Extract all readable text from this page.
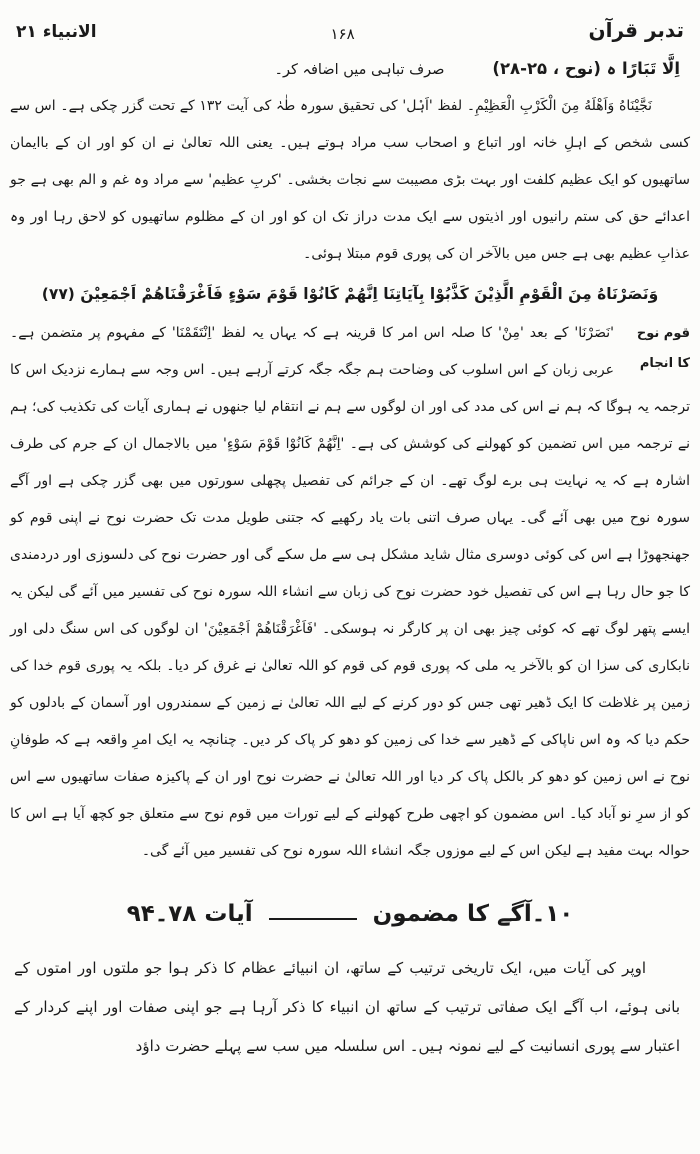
تدبر قرآن
۱۶۸
الانبیاء ۲۱
اِلَّا تَبَارًا ہ (نوح ، ۲۵-۲۸)
صرف تباہی میں اضافہ کر۔

نَجَّيْنَاهُ وَاَهْلَهُ مِنَ الْكَرْبِ الْعَظِيْمِ۔ لفظ 'اَہْل' کی تحقیق سورہ طٰہٰ کی آیت ۱۳۲ کے تحت گزر چکی ہے۔ اس سے کسی شخص کے اہلِ خانہ اور اتباع و اصحاب سب مراد ہوتے ہیں۔ یعنی اللہ تعالیٰ نے ان کو اور ان کے باایمان ساتھیوں کو ایک عظیم کلفت اور بہت بڑی مصیبت سے نجات بخشی۔ 'کربِ عظیم' سے مراد وہ غم و الم بھی ہے جو اعدائے حق کی ستم رانیوں اور اذیتوں سے ایک مدت دراز تک ان کو اور ان کے مظلوم ساتھیوں کو لاحق رہا اور وہ عذابِ عظیم بھی ہے جس میں بالآخر ان کی پوری قوم مبتلا ہوئی۔

وَنَصَرْنَاهُ مِنَ الْقَوْمِ الَّذِيْنَ كَذَّبُوْا بِآيَاتِنَا اِنَّهُمْ كَانُوْا قَوْمَ سَوْءٍ فَاَغْرَقْنَاهُمْ اَجْمَعِيْنَ (۷۷)

قوم نوح کا انجام

'نَصَرْنَا' کے بعد 'مِنْ' کا صلہ اس امر کا قرینہ ہے کہ یہاں یہ لفظ 'اِنْتَقَمْنَا' کے مفہوم پر متضمن ہے۔ عربی زبان کے اس اسلوب کی وضاحت ہم جگہ جگہ کرتے آرہے ہیں۔ اس وجہ سے ہمارے نزدیک اس کا ترجمہ یہ ہوگا کہ ہم نے اس کی مدد کی اور ان لوگوں سے ہم نے انتقام لیا جنھوں نے ہماری آیات کی تکذیب کی؛ ہم نے ترجمہ میں اس تضمین کو کھولنے کی کوشش کی ہے۔ 'اِنَّهُمْ كَانُوْا قَوْمَ سَوْءٍ' میں بالاجمال ان کے جرم کی طرف اشارہ ہے کہ یہ نہایت ہی برے لوگ تھے۔ ان کے جرائم کی تفصیل پچھلی سورتوں میں بھی گزر چکی ہے اور آگے سورہ نوح میں بھی آئے گی۔ یہاں صرف اتنی بات یاد رکھیے کہ جتنی طویل مدت تک حضرت نوح نے اپنی قوم کو جھنجھوڑا ہے اس کی کوئی دوسری مثال شاید مشکل ہی سے مل سکے گی اور حضرت نوح کی دلسوزی اور دردمندی کا جو حال رہا ہے اس کی تفصیل خود حضرت نوح کی زبان سے انشاء اللہ سورہ نوح کی تفسیر میں آئے گی لیکن یہ ایسے پتھر لوگ تھے کہ کوئی چیز بھی ان پر کارگر نہ ہوسکی۔ 'فَاَغْرَقْنَاهُمْ اَجْمَعِيْنَ' ان لوگوں کی اس سنگ دلی اور نابکاری کی سزا ان کو بالآخر یہ ملی کہ پوری قوم کی قوم کو اللہ تعالیٰ نے غرق کر دیا۔ بلکہ یہ پوری قوم خدا کی زمین پر غلاظت کا ایک ڈھیر تھی جس کو دور کرنے کے لیے اللہ تعالیٰ نے زمین کے سمندروں اور آسمان کے بادلوں کو حکم دیا کہ وہ اس ناپاکی کے ڈھیر سے خدا کی زمین کو دھو کر پاک کر دیں۔ چنانچہ یہ ایک امرِ واقعہ ہے کہ طوفانِ نوح نے اس زمین کو دھو کر بالکل پاک کر دیا اور اللہ تعالیٰ نے حضرت نوح اور ان کے پاکیزہ صفات ساتھیوں سے اس کو از سرِ نو آباد کیا۔ اس مضمون کو اچھی طرح کھولنے کے لیے تورات میں قوم نوح سے متعلق جو کچھ آیا ہے اس کا حوالہ بہت مفید ہے لیکن اس کے لیے موزوں جگہ انشاء اللہ سورہ نوح کی تفسیر میں آئے گی۔

۱۰۔آگے کا مضمون
آیات ۷۸۔۹۴

اوپر کی آیات میں، ایک تاریخی ترتیب کے ساتھ، ان انبیائے عظام کا ذکر ہوا جو ملتوں اور امتوں کے بانی ہوئے، اب آگے ایک صفاتی ترتیب کے ساتھ ان انبیاء کا ذکر آرہا ہے جو اپنی صفات اور اپنے کردار کے اعتبار سے پوری انسانیت کے لیے نمونہ ہیں۔ اس سلسلہ میں سب سے پہلے حضرت داؤد
